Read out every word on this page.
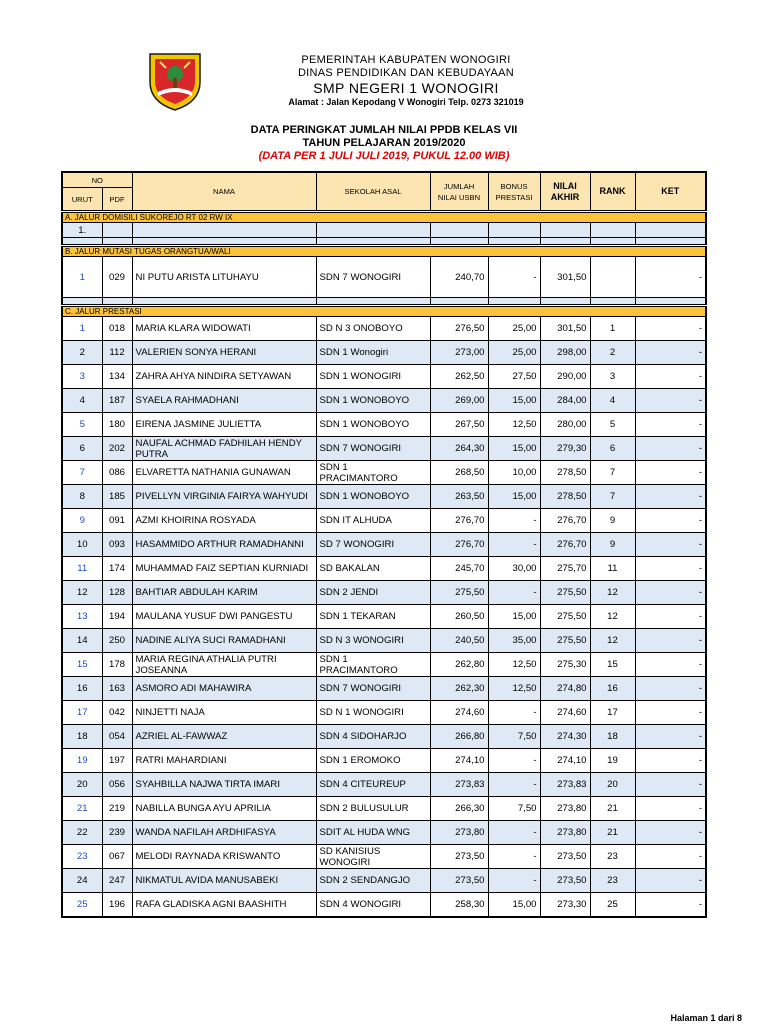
PEMERINTAH KABUPATEN WONOGIRI
DINAS PENDIDIKAN DAN KEBUDAYAAN
SMP NEGERI 1 WONOGIRI
Alamat : Jalan Kepodang V Wonogiri Telp. 0273 321019
DATA PERINGKAT JUMLAH NILAI PPDB KELAS VII
TAHUN PELAJARAN 2019/2020
(DATA PER 1 JULI JULI 2019, PUKUL 12.00 WIB)
NO		NAMA	SEKOLAH ASAL	JUMLAH NILAI USBN	BONUS PRESTASI	NILAI AKHIR	RANK	KET
URUT	PDF							
A. JALUR DOMISILI SUKOREJO RT 02 RW IX								
1.								

B. JALUR MUTASI TUGAS ORANGTUA/WALI								
1	029	NI PUTU ARISTA LITUHAYU	SDN 7 WONOGIRI	240,70	-	301,50		-

C. JALUR PRESTASI								
1	018	MARIA KLARA WIDOWATI	SD N 3 ONOBOYO	276,50	25,00	301,50	1	-
2	112	VALERIEN SONYA HERANI	SDN 1 Wonogiri	273,00	25,00	298,00	2	-
3	134	ZAHRA AHYA NINDIRA SETYAWAN	SDN 1 WONOGIRI	262,50	27,50	290,00	3	-
4	187	SYAELA RAHMADHANI	SDN 1 WONOBOYO	269,00	15,00	284,00	4	-
5	180	EIRENA JASMINE JULIETTA	SDN 1 WONOBOYO	267,50	12,50	280,00	5	-
6	202	NAUFAL ACHMAD FADHILAH HENDY PUTRA	SDN 7 WONOGIRI	264,30	15,00	279,30	6	-
7	086	ELVARETTA NATHANIA GUNAWAN	SDN 1 PRACIMANTORO	268,50	10,00	278,50	7	-
8	185	PIVELLYN VIRGINIA FAIRYA WAHYUDI	SDN 1 WONOBOYO	263,50	15,00	278,50	7	-
9	091	AZMI KHOIRINA ROSYADA	SDN IT ALHUDA	276,70	-	276,70	9	-
10	093	HASAMMIDO ARTHUR RAMADHANNI	SD 7 WONOGIRI	276,70	-	276,70	9	-
11	174	MUHAMMAD FAIZ SEPTIAN KURNIADI	SD BAKALAN	245,70	30,00	275,70	11	-
12	128	BAHTIAR ABDULAH KARIM	SDN 2 JENDI	275,50	-	275,50	12	-
13	194	MAULANA YUSUF DWI PANGESTU	SDN 1 TEKARAN	260,50	15,00	275,50	12	-
14	250	NADINE ALIYA SUCI RAMADHANI	SD N 3 WONOGIRI	240,50	35,00	275,50	12	-
15	178	MARIA REGINA ATHALIA PUTRI JOSEANNA	SDN 1 PRACIMANTORO	262,80	12,50	275,30	15	-
16	163	ASMORO ADI MAHAWIRA	SDN 7 WONOGIRI	262,30	12,50	274,80	16	-
17	042	NINJETTI NAJA	SD N 1 WONOGIRI	274,60	-	274,60	17	-
18	054	AZRIEL AL-FAWWAZ	SDN 4 SIDOHARJO	266,80	7,50	274,30	18	-
19	197	RATRI MAHARDIANI	SDN 1 EROMOKO	274,10	-	274,10	19	-
20	056	SYAHBILLA NAJWA TIRTA IMARI	SDN 4 CITEUREUP	273,83	-	273,83	20	-
21	219	NABILLA BUNGA AYU APRILIA	SDN 2 BULUSULUR	266,30	7,50	273,80	21	-
22	239	WANDA NAFILAH ARDHIFASYA	SDIT AL HUDA WNG	273,80	-	273,80	21	-
23	067	MELODI RAYNADA KRISWANTO	SD KANISIUS WONOGIRI	273,50	-	273,50	23	-
24	247	NIKMATUL AVIDA MANUSABEKI	SDN 2 SENDANGJO	273,50	-	273,50	23	-
25	196	RAFA GLADISKA AGNI BAASHITH	SDN 4 WONOGIRI	258,30	15,00	273,30	25	-
Halaman 1 dari 8
